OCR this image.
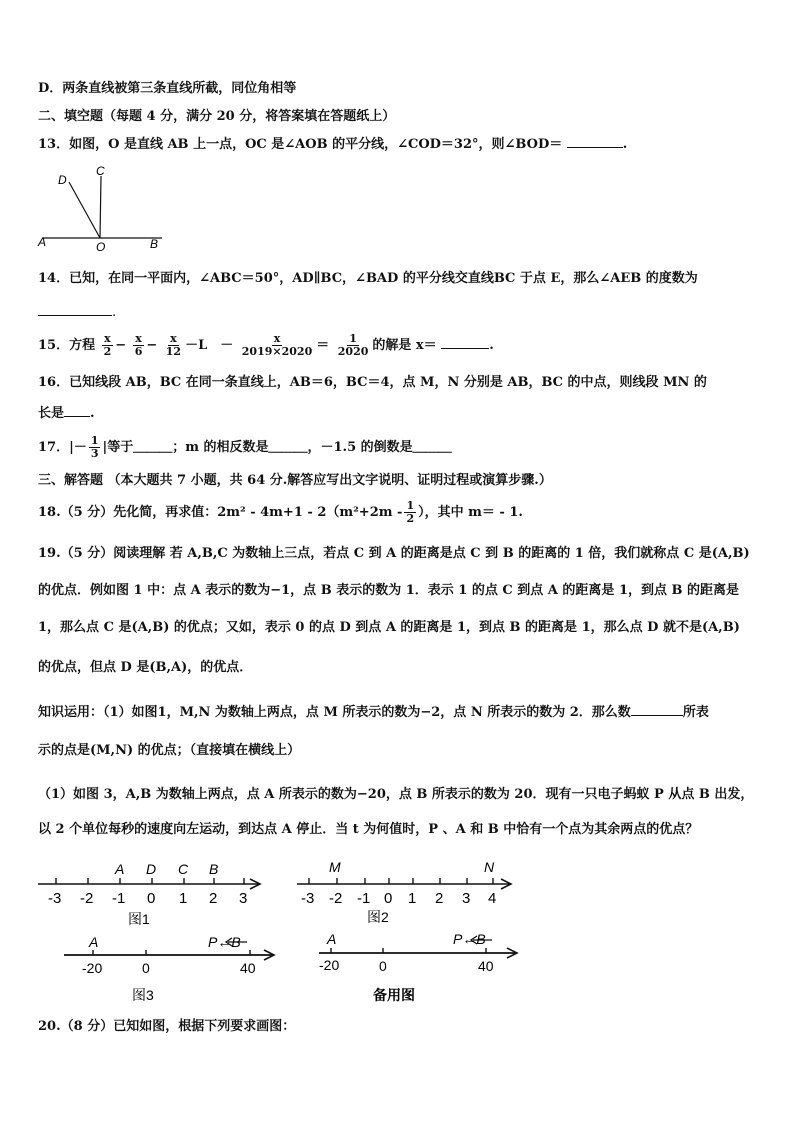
D．两条直线被第三条直线所截，同位角相等
二、填空题（每题 4 分，满分 20 分，将答案填在答题纸上）
13．如图，O 是直线 AB 上一点，OC 是∠AOB 的平分线，∠COD＝32°，则∠BOD＝	.
D
C
A	O	B
14．已知，在同一平面内，∠ABC＝50°，AD∥BC，∠BAD 的平分线交直线BC 于点 E，那么∠AEB 的度数为
.
15．方程 $\frac{x}{2} - \frac{x}{6} - \frac{x}{12} -L$　－ $\frac{x}{2019\times 2020} = \frac{1}{2020}$ 的解是 x＝	.
16．已知线段 AB，BC 在同一条直线上，AB＝6，BC＝4，点 M，N 分别是 AB，BC 的中点，则线段 MN 的
长是 .
17．|－ $\frac{1}{3}$ |等于＿＿＿；m 的相反数是＿＿＿，－1.5 的倒数是＿＿＿
三、解答题 （本大题共 7 小题，共 64 分.解答应写出文字说明、证明过程或演算步骤.）
18.（5 分）先化简，再求值：$2m^2 - 4m+1 - 2(m^2+2m - \frac{1}{2}$ ），其中 m＝ - 1.
19.（5 分）阅读理解 若 A,B,C 为数轴上三点，若点 C 到 A 的距离是点 C 到 B 的距离的 1 倍，我们就称点 C 是(A,B)
的优点．例如图 1 中：点 A 表示的数为−1，点 B 表示的数为 1．表示 1 的点 C 到点 A 的距离是 1，到点 B 的距离是
1，那么点 C 是(A,B) 的优点；又如，表示 0 的点 D 到点 A 的距离是 1，到点 B 的距离是 1，那么点 D 就不是(A,B)
的优点，但点 D 是(B,A)，的优点．
知识运用：（1）如图1，M,N 为数轴上两点，点 M 所表示的数为−2，点 N 所表示的数为 2．那么数	所表
示的点是(M,N) 的优点；（直接填在横线上）
（1）如图 3，A,B 为数轴上两点，点 A 所表示的数为−20，点 B 所表示的数为 20．现有一只电子蚂蚁 P 从点 B 出发，
以 2 个单位每秒的速度向左运动，到达点 A 停止．当 t 为何值时，P 、A 和 B 中恰有一个点为其余两点的优点？
-3 -2 -1 0 1 2 3
A D C B
图1
-3 -2 -1 0 1 2 3 4
M	N
图2
-20	0	40
A	P←B
图3
-20	0	40
A	P←B
备用图
20.（8 分）已知如图，根据下列要求画图：
